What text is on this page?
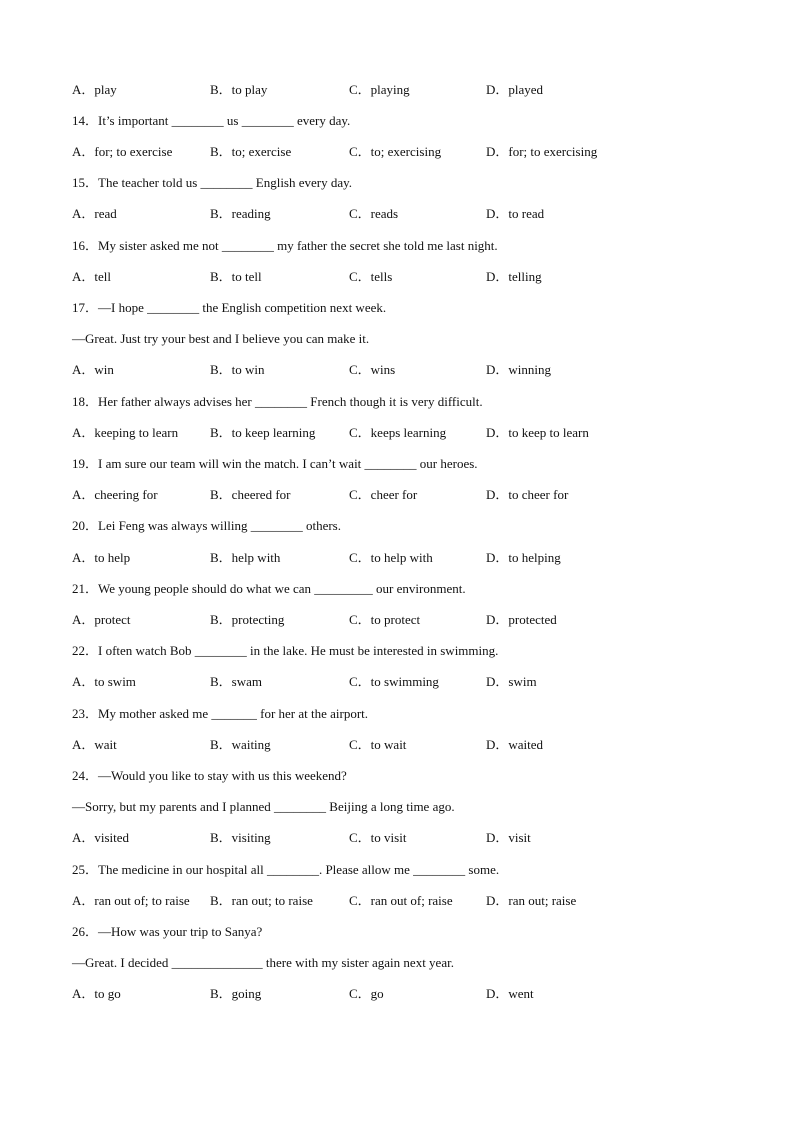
A．play	B．to play	C．playing	D．played
14．It’s important ________ us ________ every day.
A．for; to exercise	B．to; exercise	C．to; exercising	D．for; to exercising
15．The teacher told us ________ English every day.
A．read	B．reading	C．reads	D．to read
16．My sister asked me not ________ my father the secret she told me last night.
A．tell	B．to tell	C．tells	D．telling
17．—I hope ________ the English competition next week.
—Great. Just try your best and I believe you can make it.
A．win	B．to win	C．wins	D．winning
18．Her father always advises her ________ French though it is very difficult.
A．keeping to learn B．to keep learning	C．keeps learning	D．to keep to learn
19．I am sure our team will win the match. I can’t wait ________ our heroes.
A．cheering for	B．cheered for	C．cheer for	D．to cheer for
20．Lei Feng was always willing ________ others.
A．to help	B．help with	C．to help with	D．to helping
21．We young people should do what we can _________ our environment.
A．protect	B．protecting	C．to protect	D．protected
22．I often watch Bob ________ in the lake. He must be interested in swimming.
A．to swim	B．swam	C．to swimming	D．swim
23．My mother asked me _______ for her at the airport.
A．wait	B．waiting	C．to wait	D．waited
24．—Would you like to stay with us this weekend?
—Sorry, but my parents and I planned ________ Beijing a long time ago.
A．visited	B．visiting	C．to visit	D．visit
25．The medicine in our hospital all ________. Please allow me ________ some.
A．ran out of; to raise B．ran out; to raise	C．ran out of; raise	D．ran out; raise
26．—How was your trip to Sanya?
—Great. I decided ______________ there with my sister again next year.
A．to go	B．going	C．go	D．went
